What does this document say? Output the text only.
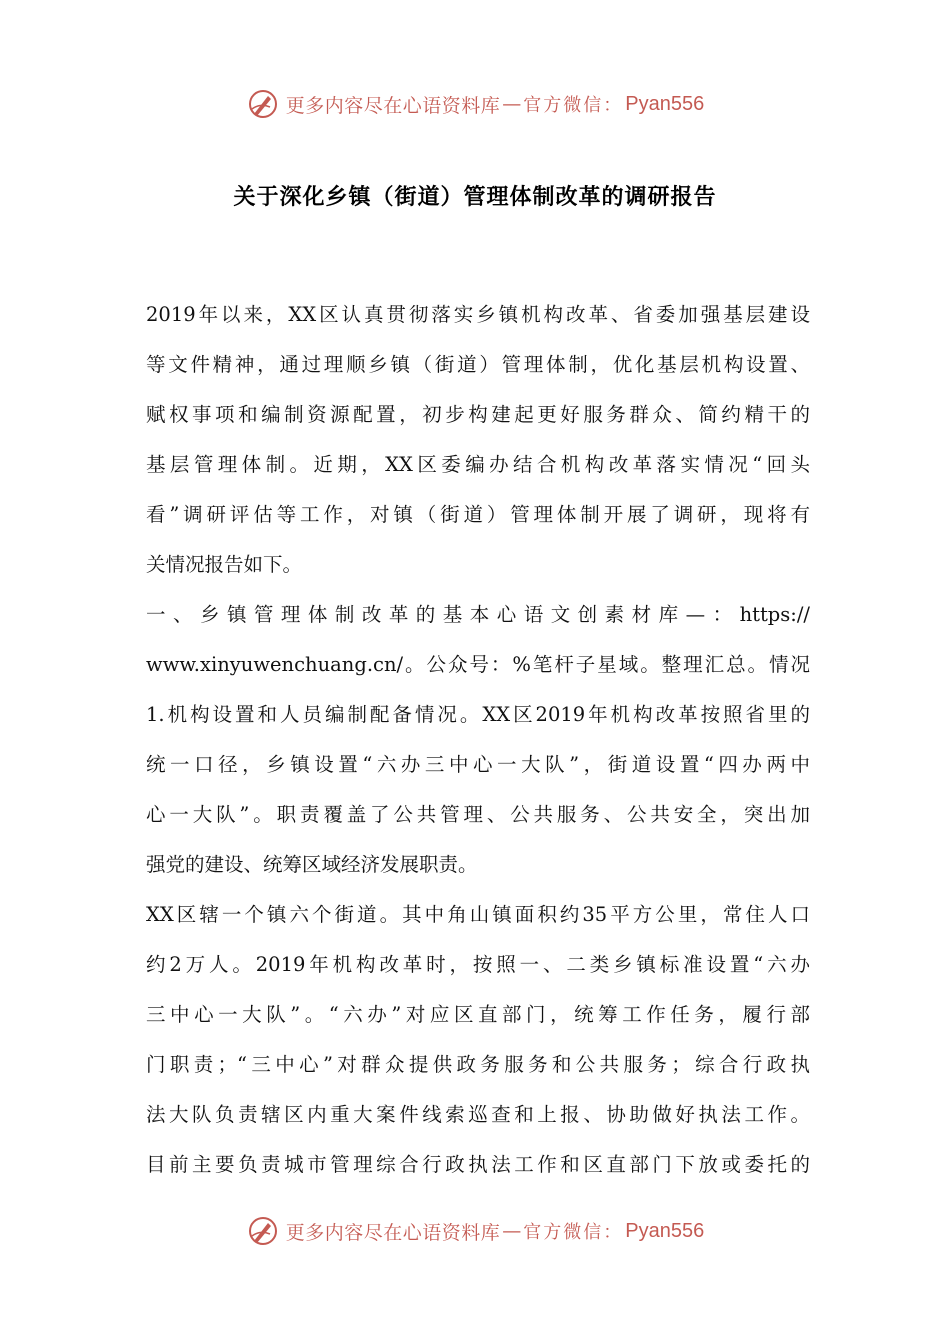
更多内容尽在心语资料库 — 官方微信： Pyan556
关于深化乡镇（街道）管理体制改革的调研报告
2019年以来，XX区认真贯彻落实乡镇机构改革、省委加强基层建设
等文件精神，通过理顺乡镇（街道）管理体制，优化基层机构设置、
赋权事项和编制资源配置，初步构建起更好服务群众、简约精干的
基层管理体制。近期，XX区委编办结合机构改革落实情况“回头
看”调研评估等工作，对镇（街道）管理体制开展了调研，现将有
关情况报告如下。
一、乡镇管理体制改革的基本心语文创素材库—：https://
www.xinyuwenchuang.cn/。公众号：%笔杆子星域。整理汇总。情况
1.机构设置和人员编制配备情况。XX区2019年机构改革按照省里的
统一口径，乡镇设置“六办三中心一大队”，街道设置“四办两中
心一大队”。职责覆盖了公共管理、公共服务、公共安全，突出加
强党的建设、统筹区域经济发展职责。
XX区辖一个镇六个街道。其中角山镇面积约35平方公里，常住人口
约2万人。2019年机构改革时，按照一、二类乡镇标准设置“六办
三中心一大队”。“六办”对应区直部门，统筹工作任务，履行部
门职责；“三中心”对群众提供政务服务和公共服务；综合行政执
法大队负责辖区内重大案件线索巡查和上报、协助做好执法工作。
目前主要负责城市管理综合行政执法工作和区直部门下放或委托的
更多内容尽在心语资料库 — 官方微信： Pyan556
